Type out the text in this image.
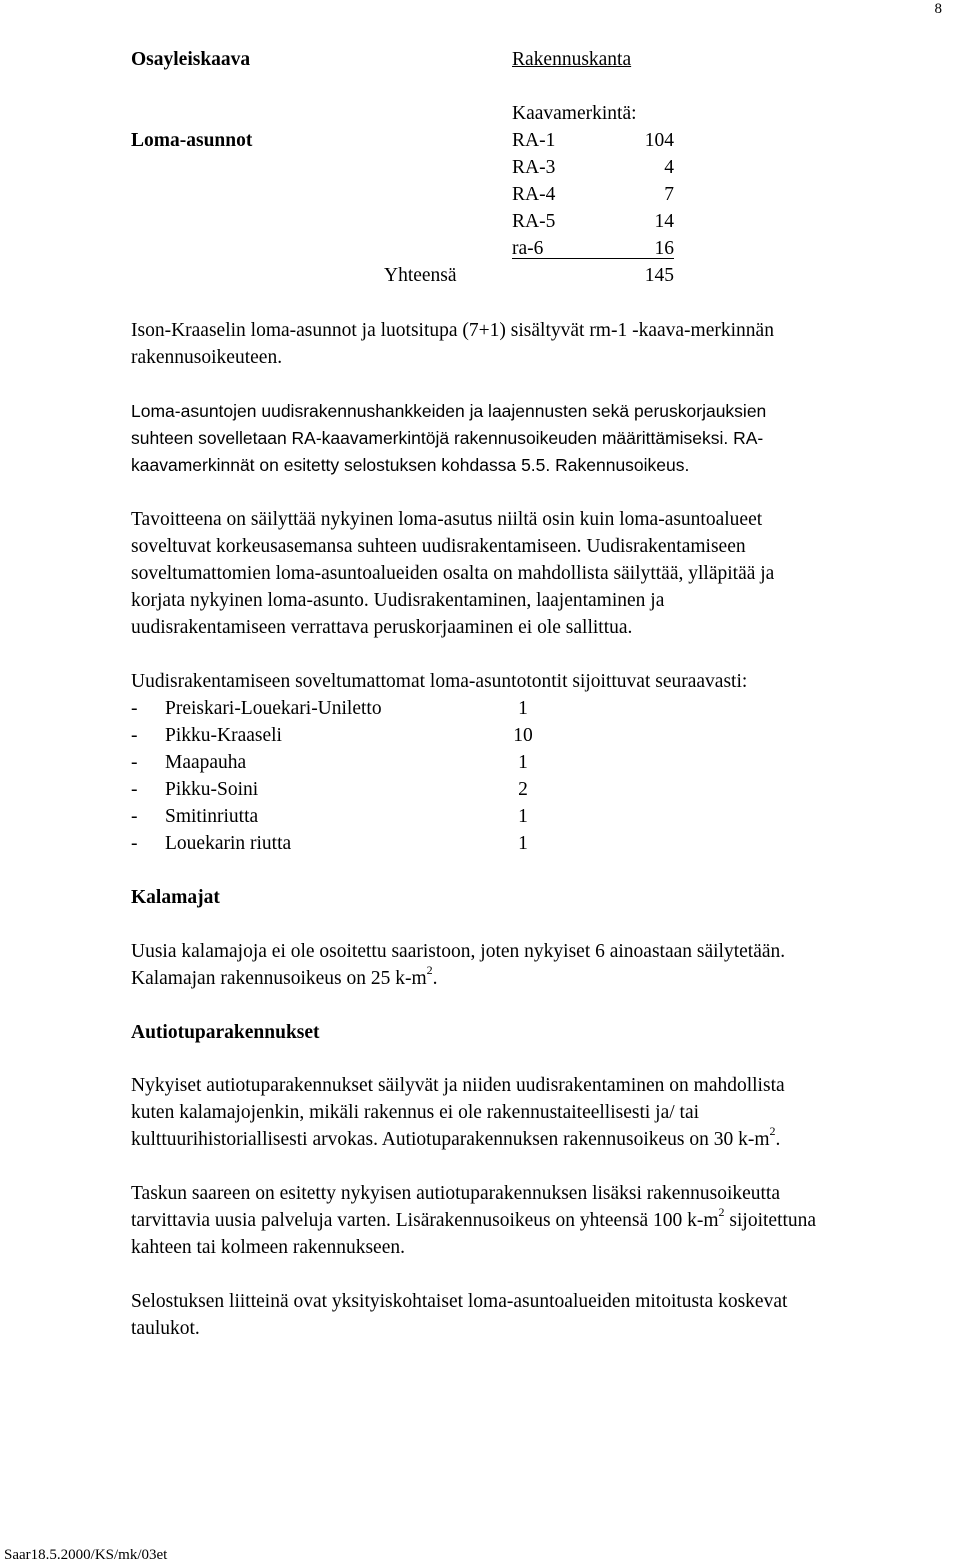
8
Osayleiskaava	Rakennuskanta
Kaavamerkintä:
Loma-asunnot	RA-1	104
RA-3	4
RA-4	7
RA-5	14
ra-6	16
Yhteensä	145
Ison-Kraaselin loma-asunnot ja luotsitupa (7+1) sisältyvät rm-1 -kaava-merkinnän
rakennusoikeuteen.
Loma-asuntojen uudisrakennushankkeiden ja laajennusten sekä peruskorjauksien
suhteen sovelletaan RA-kaavamerkintöjä rakennusoikeuden määrittämiseksi. RA-
kaavamerkinnät on esitetty selostuksen kohdassa 5.5. Rakennusoikeus.
Tavoitteena on säilyttää nykyinen loma-asutus niiltä osin kuin loma-asuntoalueet
soveltuvat korkeusasemansa suhteen uudisrakentamiseen. Uudisrakentamiseen
soveltumattomien loma-asuntoalueiden osalta on mahdollista säilyttää, ylläpitää ja
korjata nykyinen loma-asunto. Uudisrakentaminen, laajentaminen ja
uudisrakentamiseen verrattava peruskorjaaminen ei ole sallittua.
Uudisrakentamiseen soveltumattomat loma-asuntotontit sijoittuvat seuraavasti:
- Preiskari-Louekari-Uniletto	1
- Pikku-Kraaseli	10
- Maapauha	1
- Pikku-Soini	2
- Smitinriutta	1
- Louekarin riutta	1
Kalamajat
Uusia kalamajoja ei ole osoitettu saaristoon, joten nykyiset 6 ainoastaan säilytetään.
Kalamajan rakennusoikeus on 25 $k-m^2$.
Autiotuparakennukset
Nykyiset autiotuparakennukset säilyvät ja niiden uudisrakentaminen on mahdollista
kuten kalamajojenkin, mikäli rakennus ei ole rakennustaiteellisesti ja/ tai
kulttuurihistoriallisesti arvokas. Autiotuparakennuksen rakennusoikeus on 30 $k-m^2$.
Taskun saareen on esitetty nykyisen autiotuparakennuksen lisäksi rakennusoikeutta
tarvittavia uusia palveluja varten. Lisärakennusoikeus on yhteensä 100 $k-m^2$ sijoitettuna
kahteen tai kolmeen rakennukseen.
Selostuksen liitteinä ovat yksityiskohtaiset loma-asuntoalueiden mitoitusta koskevat
taulukot.
Saar18.5.2000/KS/mk/03et
